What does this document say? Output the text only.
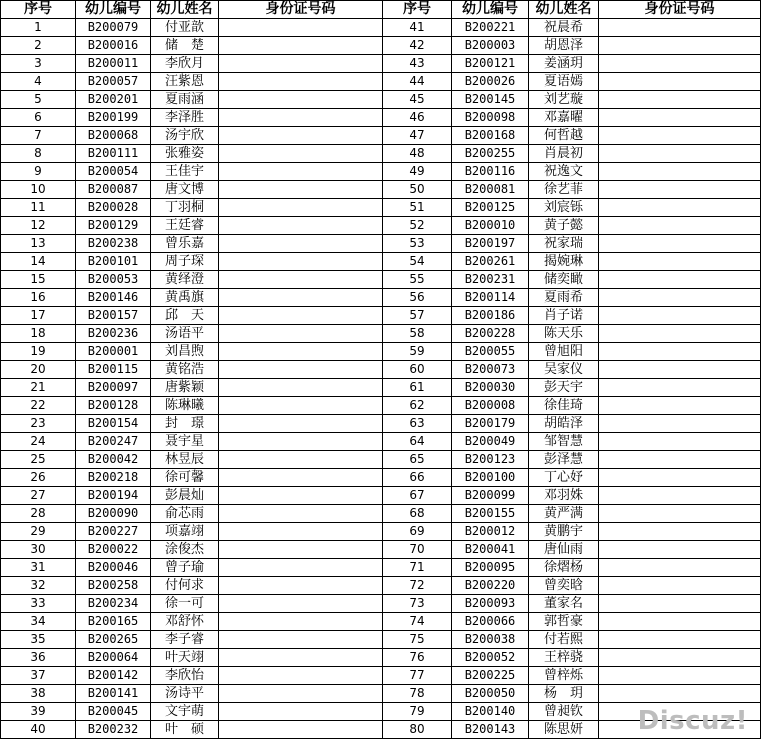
序号	幼儿编号	幼儿姓名	身份证号码	序号	幼儿编号	幼儿姓名	身份证号码
1	B200079	付亚歆		41	B200221	祝晨希	
2	B200016	储　楚		42	B200003	胡恩泽	
3	B200011	李欣月		43	B200121	姜涵玥	
4	B200057	汪紫恩		44	B200026	夏语嫣	
5	B200201	夏雨涵		45	B200145	刘艺璇	
6	B200199	李泽胜		46	B200098	邓嘉曜	
7	B200068	汤宇欣		47	B200168	何哲越	
8	B200111	张雅姿		48	B200255	肖晨初	
9	B200054	王佳宇		49	B200116	祝逸文	
10	B200087	唐文博		50	B200081	徐艺菲	
11	B200028	丁羽桐		51	B200125	刘宸铄	
12	B200129	王廷睿		52	B200010	黄子懿	
13	B200238	曾乐嘉		53	B200197	祝家瑞	
14	B200101	周子琛		54	B200261	揭婉琳	
15	B200053	黄绎澄		55	B200231	储奕瞰	
16	B200146	黄禹旗		56	B200114	夏雨希	
17	B200157	邱　天		57	B200186	肖子诺	
18	B200236	汤语平		58	B200228	陈天乐	
19	B200001	刘昌煦		59	B200055	曾旭阳	
20	B200115	黄铭浩		60	B200073	吴家仪	
21	B200097	唐紫颖		61	B200030	彭天宇	
22	B200128	陈琳曦		62	B200008	徐佳琦	
23	B200154	封　璟		63	B200179	胡皓泽	
24	B200247	聂宇星		64	B200049	邹智慧	
25	B200042	林昱辰		65	B200123	彭泽慧	
26	B200218	徐可馨		66	B200100	丁心妤	
27	B200194	彭晨灿		67	B200099	邓羽姝	
28	B200090	俞芯雨		68	B200155	黄严满	
29	B200227	项嘉翊		69	B200012	黄鹏宇	
30	B200022	涂俊杰		70	B200041	唐仙雨	
31	B200046	曾子瑜		71	B200095	徐熠杨	
32	B200258	付何求		72	B200220	曾奕晗	
33	B200234	徐一可		73	B200093	董家名	
34	B200165	邓舒怀		74	B200066	郭哲豪	
35	B200265	李子睿		75	B200038	付若熙	
36	B200064	叶天翊		76	B200052	王梓骁	
37	B200142	李欣怡		77	B200225	曾梓烁	
38	B200141	汤诗平		78	B200050	杨　玥	
39	B200045	文宇萌		79	B200140	曾昶钦	
40	B200232	叶　硕		80	B200143	陈思妍	Discuz!
